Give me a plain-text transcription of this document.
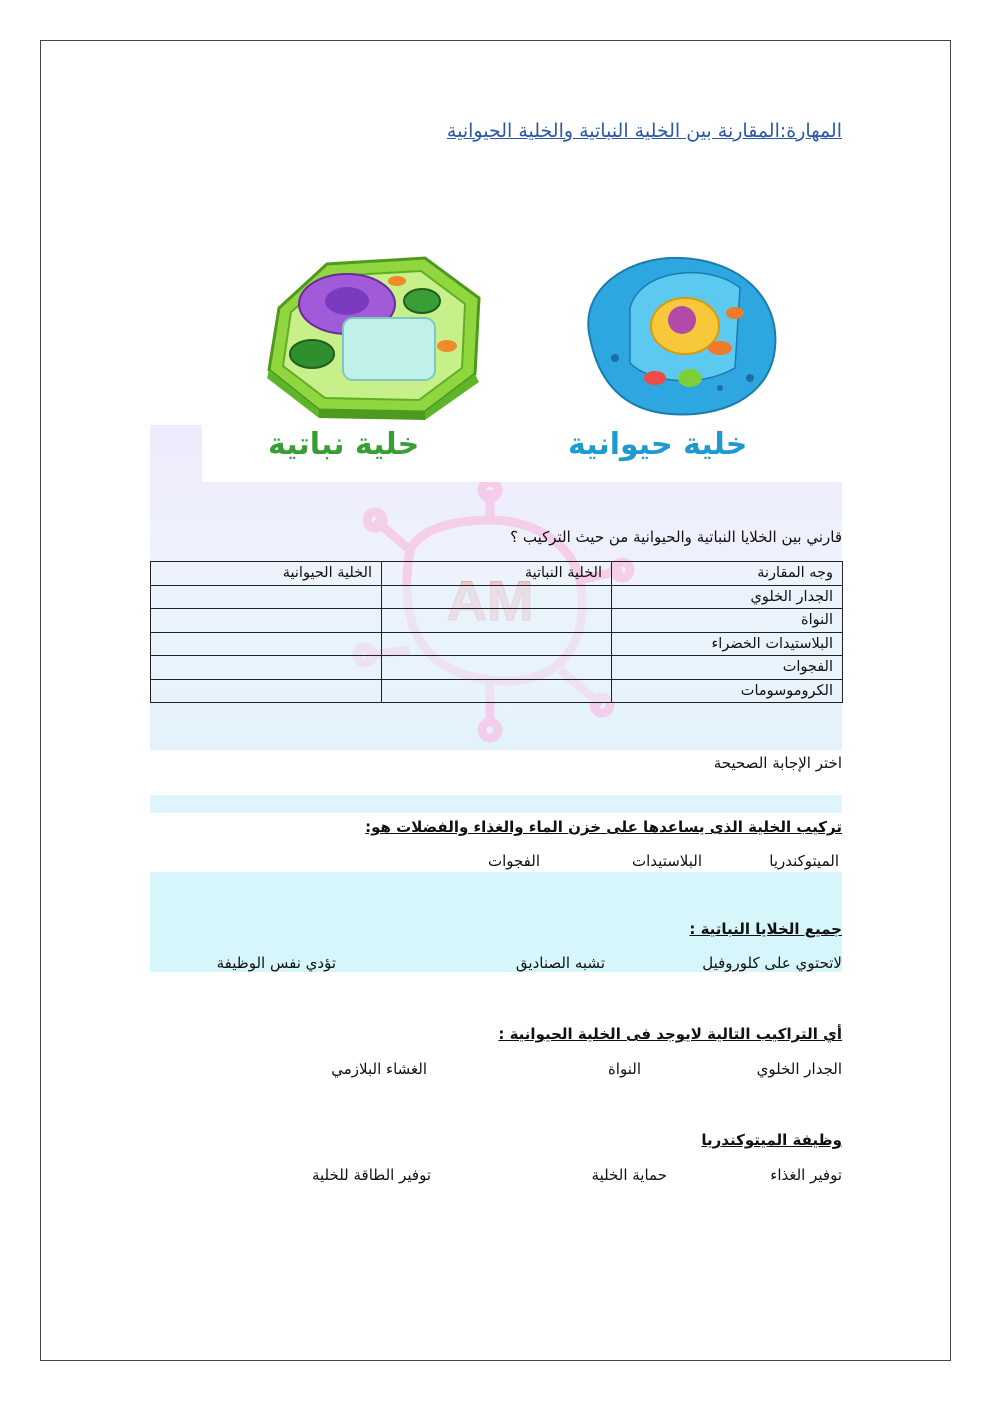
المهارة:المقارنة بين الخلية النباتية والخلية الحيوانية
خلية نباتية	خلية حيوانية
قارني بين الخلايا النباتية والحيوانية من حيث التركيب ؟
وجه المقارنة	الخلية النباتية	الخلية الحيوانية
الجدار الخلوي		
النواة		
البلاستيدات الخضراء		
الفجوات		
الكروموسومات		
اختر الإجابة الصحيحة
تركيب الخلية الذى يساعدها على خزن الماء والغذاء والفضلات هو:
الميتوكندريا
البلاستيدات
الفجوات
جميع الخلايا النباتية :
لاتحتوي على كلوروفيل
تشبه الصناديق
تؤدي نفس الوظيفة
أي التراكيب التالية لايوجد فى الخلية الحيوانية :
الجدار الخلوي
النواة
الغشاء البلازمي
وظيفة الميتوكندريا
توفير الغذاء
حماية الخلية
توفير الطاقة للخلية
